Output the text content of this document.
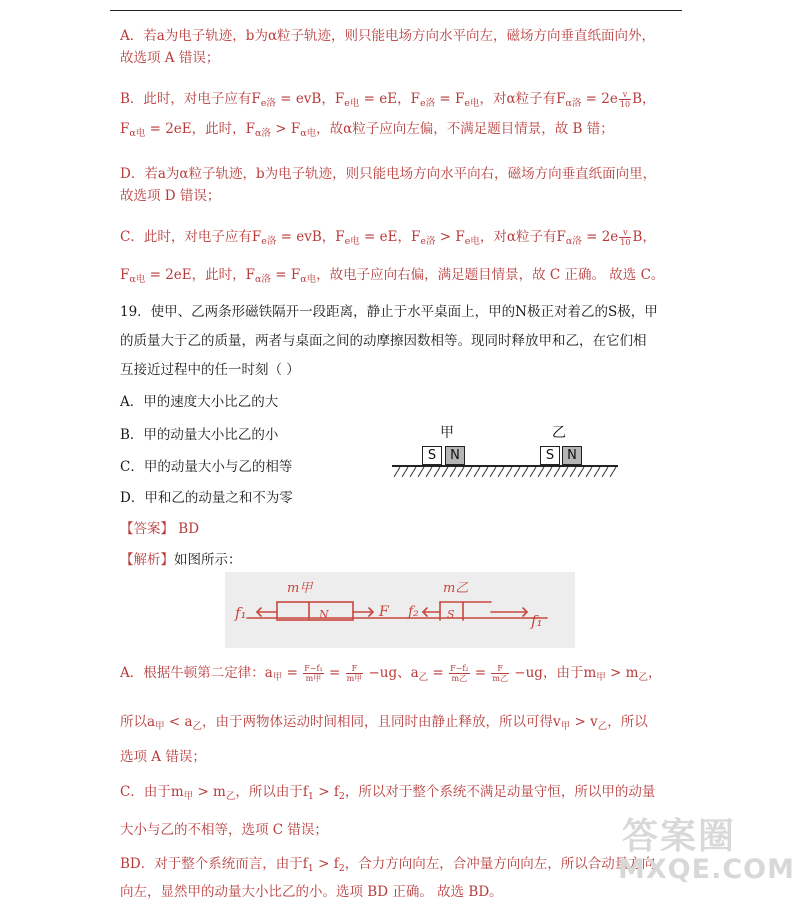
A．若a为电子轨迹，b为α粒子轨迹，则只能电场方向水平向左，磁场方向垂直纸面向外，
故选项 A 错误；
B．此时，对电子应有$F_{e洛}$ = evB，$F_{e电}$ = eE，$F_{e洛} = F_{e电}$，对α粒子有$F_{\alpha 洛} = 2e \frac{v}{10}$ B，
$F_{\alpha 电} = 2eE$，此时，$F_{\alpha 洛} > F_{\alpha 电}$，故α粒子应向左偏，不满足题目情景，故 B 错；
D．若a为α粒子轨迹，b为电子轨迹，则只能电场方向水平向右，磁场方向垂直纸面向里，
故选项 D 错误；
C．此时，对电子应有$F_{e洛}$ = evB，$F_{e电}$ = eE，$F_{e洛} > F_{e电}$，对α粒子有$F_{\alpha 洛} = 2e \frac{v}{10}$ B，
$F_{\alpha 电} = 2eE$，此时，$F_{\alpha 洛} = F_{\alpha 电}$，故电子应向右偏，满足题目情景，故 C 正确。 故选 C。
19．使甲、乙两条形磁铁隔开一段距离，静止于水平桌面上，甲的N极正对着乙的S极，甲
的质量大于乙的质量，两者与桌面之间的动摩擦因数相等。现同时释放甲和乙，在它们相
互接近过程中的任一时刻（ ）
A．甲的速度大小比乙的大
B．甲的动量大小比乙的小
C．甲的动量大小与乙的相等
D．甲和乙的动量之和不为零
甲	乙
S	N	S	N
【答案】 BD
【解析】如图所示：
m甲	m乙
f₁	F f₂
N	S	f₁
A．根据牛顿第二定律：$a_甲 = \frac{\text{F−f₁}}{\text{m甲}} = \frac{F}{\text{m甲}} -ug$、$a_乙 = \frac{\text{F−f₂}}{\text{m乙}} = \frac{F}{\text{m乙}} -ug$，由于$m_甲 > m_乙$，
所以$a_甲 < a_乙$，由于两物体运动时间相同，且同时由静止释放，所以可得$v_甲 > v_乙$，所以
选项 A 错误；
C．由于$m_甲 > m_乙$，所以由于$f_1 > f_2$，所以对于整个系统不满足动量守恒，所以甲的动量
大小与乙的不相等，选项 C 错误；
BD．对于整个系统而言，由于$f_1 > f_2$，合力方向向左，合冲量方向向左，所以合动量方向
向左，显然甲的动量大小比乙的小。选项 BD 正确。 故选 BD。
答案圈
MXQE.COM
